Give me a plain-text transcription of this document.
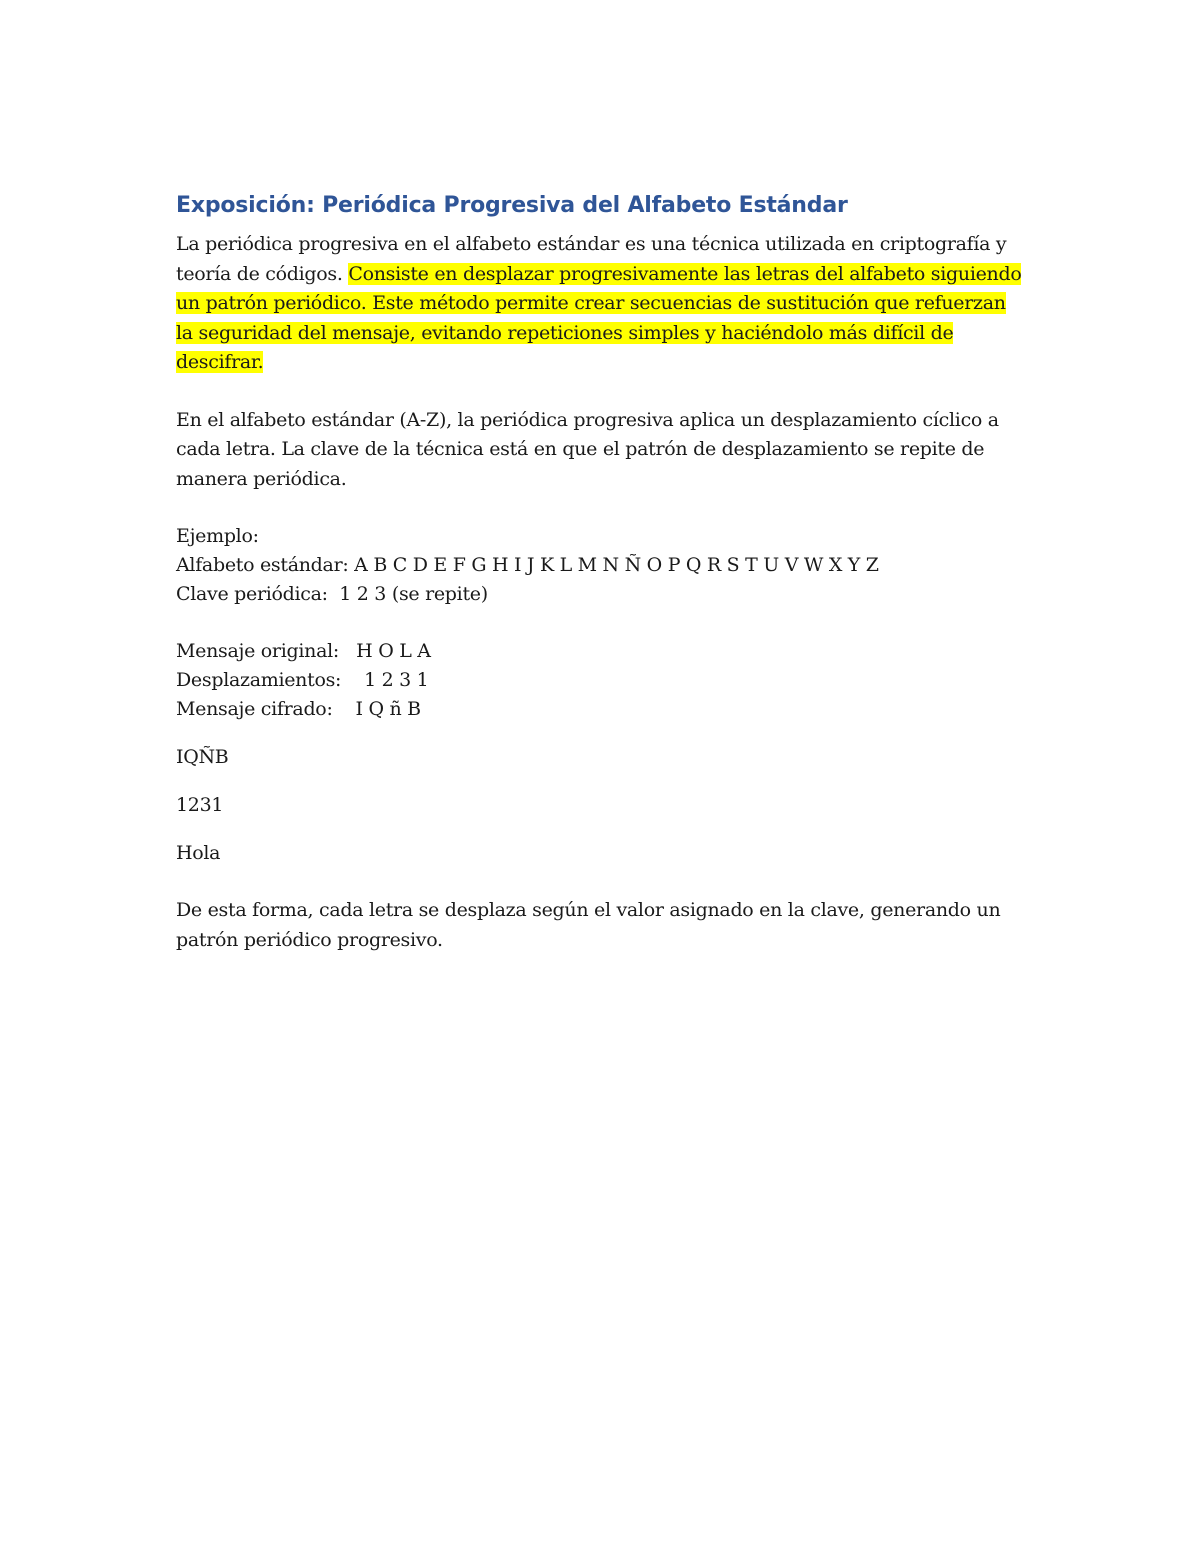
Exposición: Periódica Progresiva del Alfabeto Estándar

La periódica progresiva en el alfabeto estándar es una técnica utilizada en criptografía y teoría de códigos. Consiste en desplazar progresivamente las letras del alfabeto siguiendo un patrón periódico. Este método permite crear secuencias de sustitución que refuerzan la seguridad del mensaje, evitando repeticiones simples y haciéndolo más difícil de descifrar.

En el alfabeto estándar (A-Z), la periódica progresiva aplica un desplazamiento cíclico a cada letra. La clave de la técnica está en que el patrón de desplazamiento se repite de manera periódica.

Ejemplo:

Alfabeto estándar: A B C D E F G H I J K L M N Ñ O P Q R S T U V W X Y Z

Clave periódica:  1 2 3 (se repite)

Mensaje original:   H O L A

Desplazamientos:    1 2 3 1

Mensaje cifrado:    I Q ñ B

IQÑB

1231

Hola

De esta forma, cada letra se desplaza según el valor asignado en la clave, generando un patrón periódico progresivo.
